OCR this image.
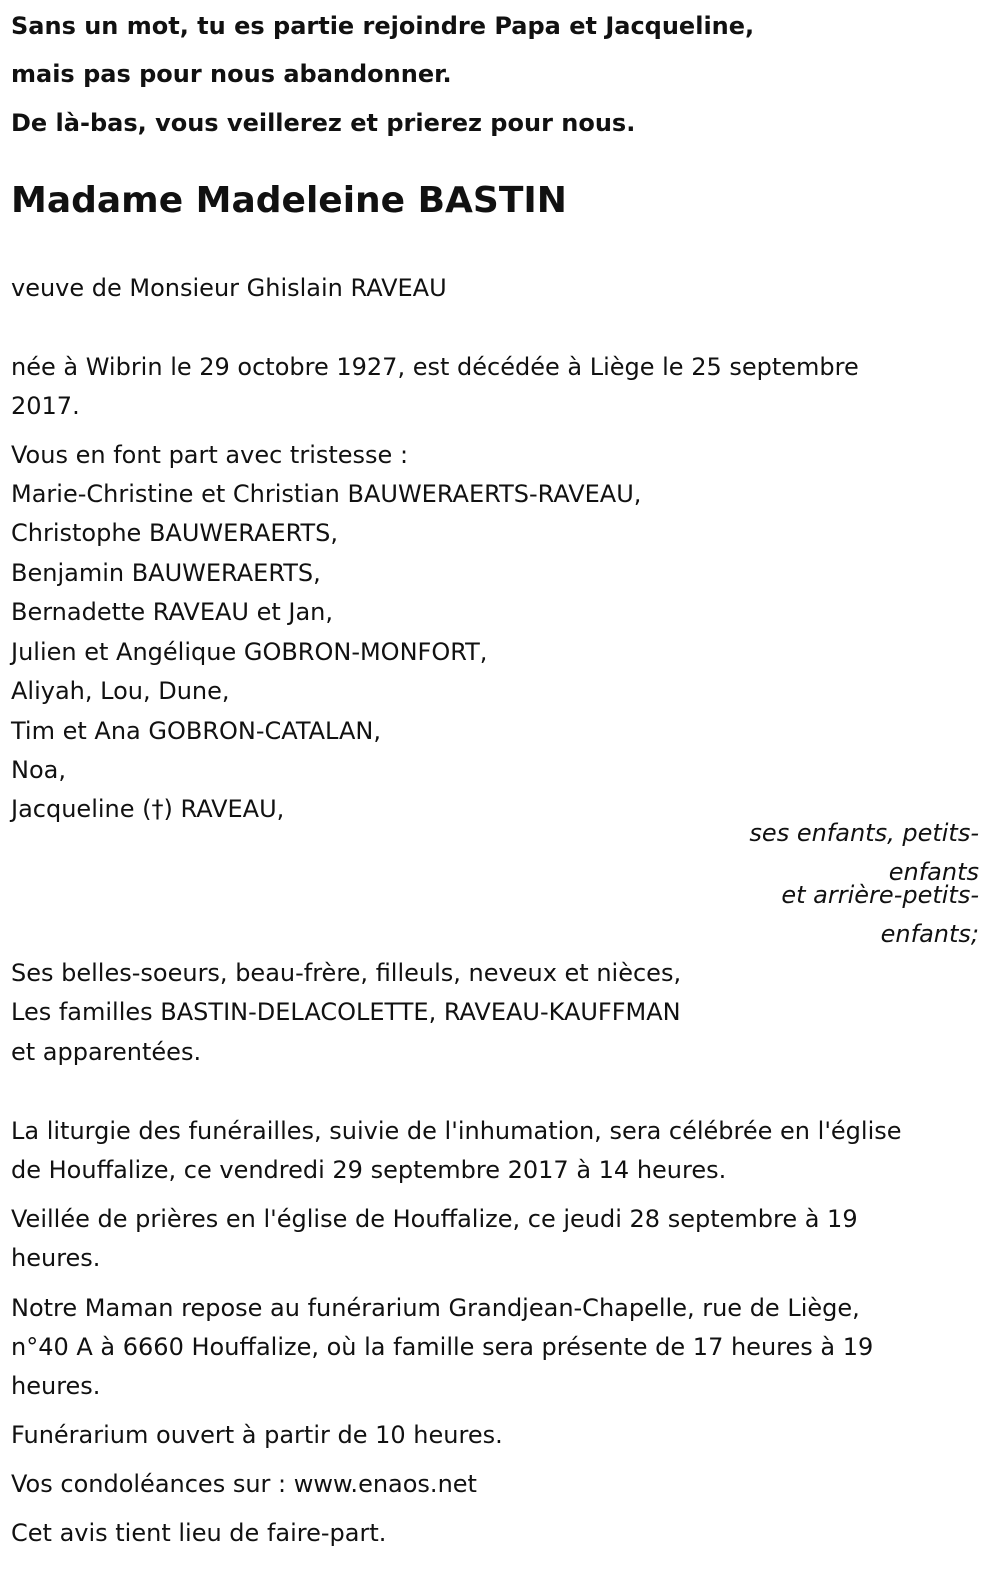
Sans un mot, tu es partie rejoindre Papa et Jacqueline,
mais pas pour nous abandonner.
De là-bas, vous veillerez et prierez pour nous.
Madame Madeleine BASTIN
veuve de Monsieur Ghislain RAVEAU
née à Wibrin le 29 octobre 1927, est décédée à Liège le 25 septembre
2017.
Vous en font part avec tristesse :
Marie-Christine et Christian BAUWERAERTS-RAVEAU,
Christophe BAUWERAERTS,
Benjamin BAUWERAERTS,
Bernadette RAVEAU et Jan,
Julien et Angélique GOBRON-MONFORT,
Aliyah, Lou, Dune,
Tim et Ana GOBRON-CATALAN,
Noa,
Jacqueline (†) RAVEAU,
ses enfants, petits-
enfants
et arrière-petits-
enfants;
Ses belles-soeurs, beau-frère, filleuls, neveux et nièces,
Les familles BASTIN-DELACOLETTE, RAVEAU-KAUFFMAN
et apparentées.
La liturgie des funérailles, suivie de l'inhumation, sera célébrée en l'église
de Houffalize, ce vendredi 29 septembre 2017 à 14 heures.
Veillée de prières en l'église de Houffalize, ce jeudi 28 septembre à 19
heures.
Notre Maman repose au funérarium Grandjean-Chapelle, rue de Liège,
n°40 A à 6660 Houffalize, où la famille sera présente de 17 heures à 19
heures.
Funérarium ouvert à partir de 10 heures.
Vos condoléances sur : www.enaos.net
Cet avis tient lieu de faire-part.
